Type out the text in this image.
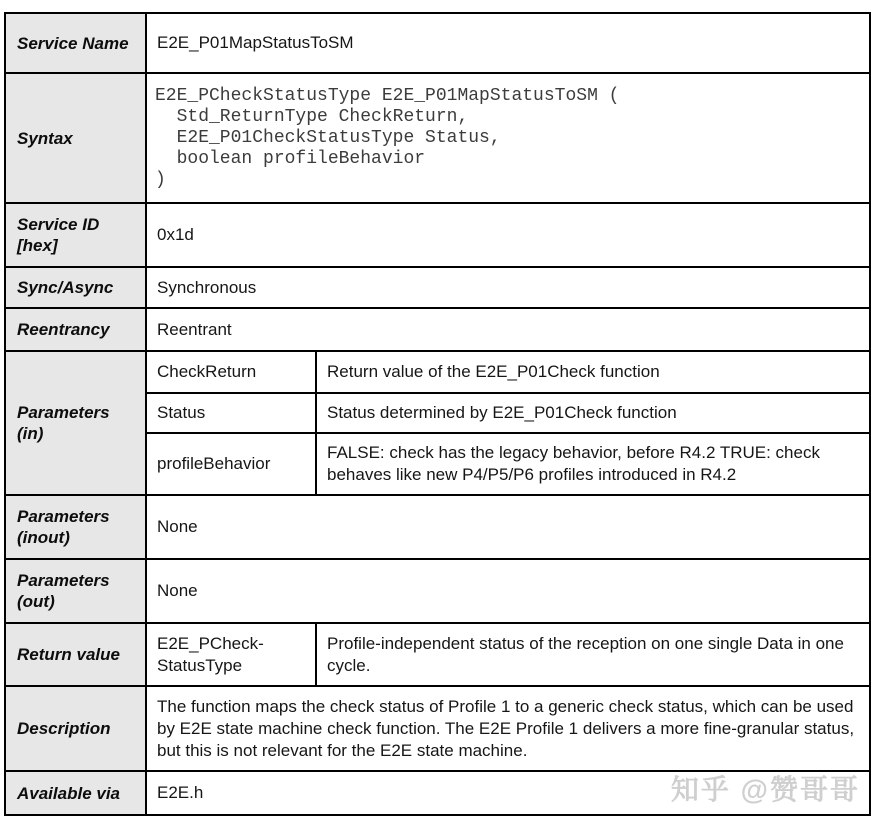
Service Name	E2E_P01MapStatusToSM	
Syntax	E2E_PCheckStatusType E2E_P01MapStatusToSM (
Std_ReturnType CheckReturn,
E2E_P01CheckStatusType Status,
boolean profileBehavior
)	

Service ID [hex]	0x1d	
Sync/Async	Synchronous	
Reentrancy	Reentrant	
Parameters (in)	CheckReturn	Return value of the E2E_P01Check function
	Status	Status determined by E2E_P01Check function
	profileBehavior	FALSE: check has the legacy behavior, before R4.2 TRUE: check behaves like new P4/P5/P6 profiles introduced in R4.2
Parameters (inout)	None	
Parameters (out)	None	
Return value	E2E_PCheck-StatusType	Profile-independent status of the reception on one single Data in one cycle.
Description	The function maps the check status of Profile 1 to a generic check status, which can be used by E2E state machine check function. The E2E Profile 1 delivers a more fine-granular status, but this is not relevant for the E2E state machine.	
Available via	E2E.h		知乎 @赞哥哥
